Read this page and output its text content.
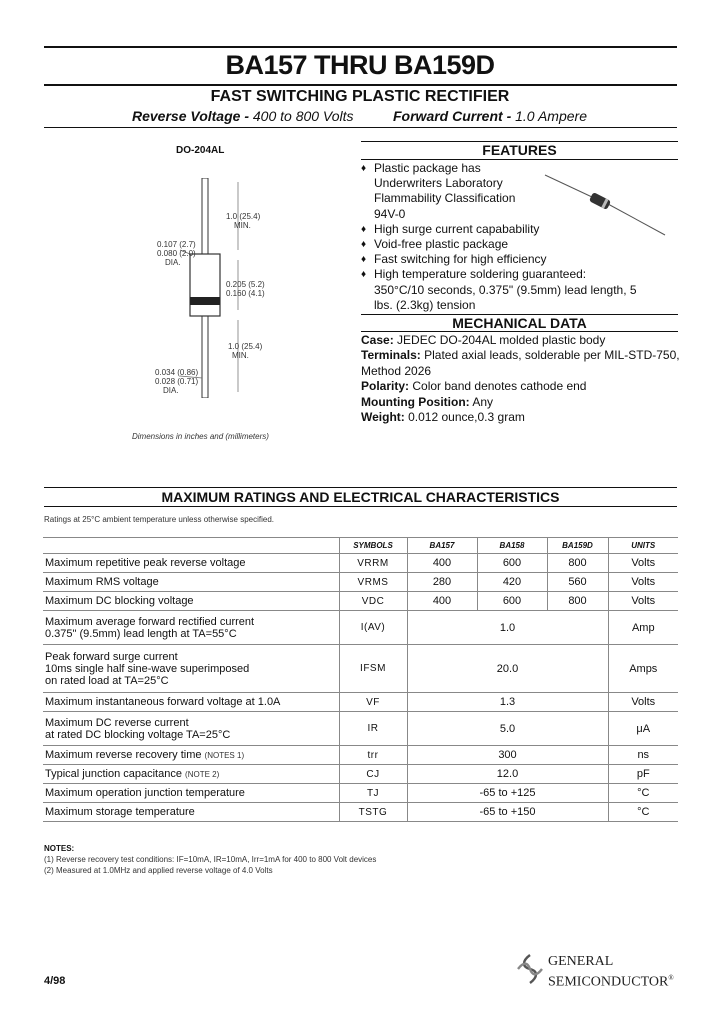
BA157 THRU BA159D
FAST SWITCHING PLASTIC RECTIFIER
Reverse Voltage - 400 to 800 Volts	Forward Current - 1.0 Ampere
DO-204AL
0.107 (2.7)
0.080 (2.0)
DIA.
1.0 (25.4)
MIN.
0.205 (5.2)
0.160 (4.1)
1.0 (25.4)
MIN.
0.034 (0.86)
0.028 (0.71)
DIA.
Dimensions in inches and (millimeters)
FEATURES
♦ Plastic package has Underwriters Laboratory Flammability Classification 94V-0
♦ High surge current capabability
♦ Void-free plastic package
♦ Fast switching for high efficiency
♦ High temperature soldering guaranteed: 350°C/10 seconds, 0.375" (9.5mm) lead length, 5 lbs. (2.3kg) tension
MECHANICAL DATA
Case: JEDEC DO-204AL molded plastic body
Terminals: Plated axial leads, solderable per MIL-STD-750, Method 2026
Polarity: Color band denotes cathode end
Mounting Position: Any
Weight: 0.012 ounce,0.3 gram
MAXIMUM RATINGS AND ELECTRICAL CHARACTERISTICS
Ratings at 25°C ambient temperature unless otherwise specified.
	SYMBOLS	BA157	BA158	BA159D	UNITS
Maximum repetitive peak reverse voltage	VRRM	400	600	800	Volts
Maximum RMS voltage	VRMS	280	420	560	Volts
Maximum DC blocking voltage	VDC	400	600	800	Volts

Maximum average forward rectified current
0.375" (9.5mm) lead length at TA=55°C	I(AV)	1.0			Amp

Peak forward surge current
10ms single half sine-wave superimposed
on rated load at TA=25°C	IFSM	20.0			Amps
Maximum instantaneous forward voltage at 1.0A	VF	1.3			Volts

Maximum DC reverse current
at rated DC blocking voltage TA=25°C	IR	5.0			μA
Maximum reverse recovery time (NOTES 1)	trr	300			ns
Typical junction capacitance (NOTE 2)	CJ	12.0			pF
Maximum operation junction temperature	TJ	-65 to +125			°C
Maximum storage temperature	TSTG	-65 to +150			°C
NOTES:
(1) Reverse recovery test conditions: IF=10mA, IR=10mA, Irr=1mA for 400 to 800 Volt devices
(2) Measured at 1.0MHz and applied reverse voltage of 4.0 Volts
4/98
GENERAL
SEMICONDUCTOR®
